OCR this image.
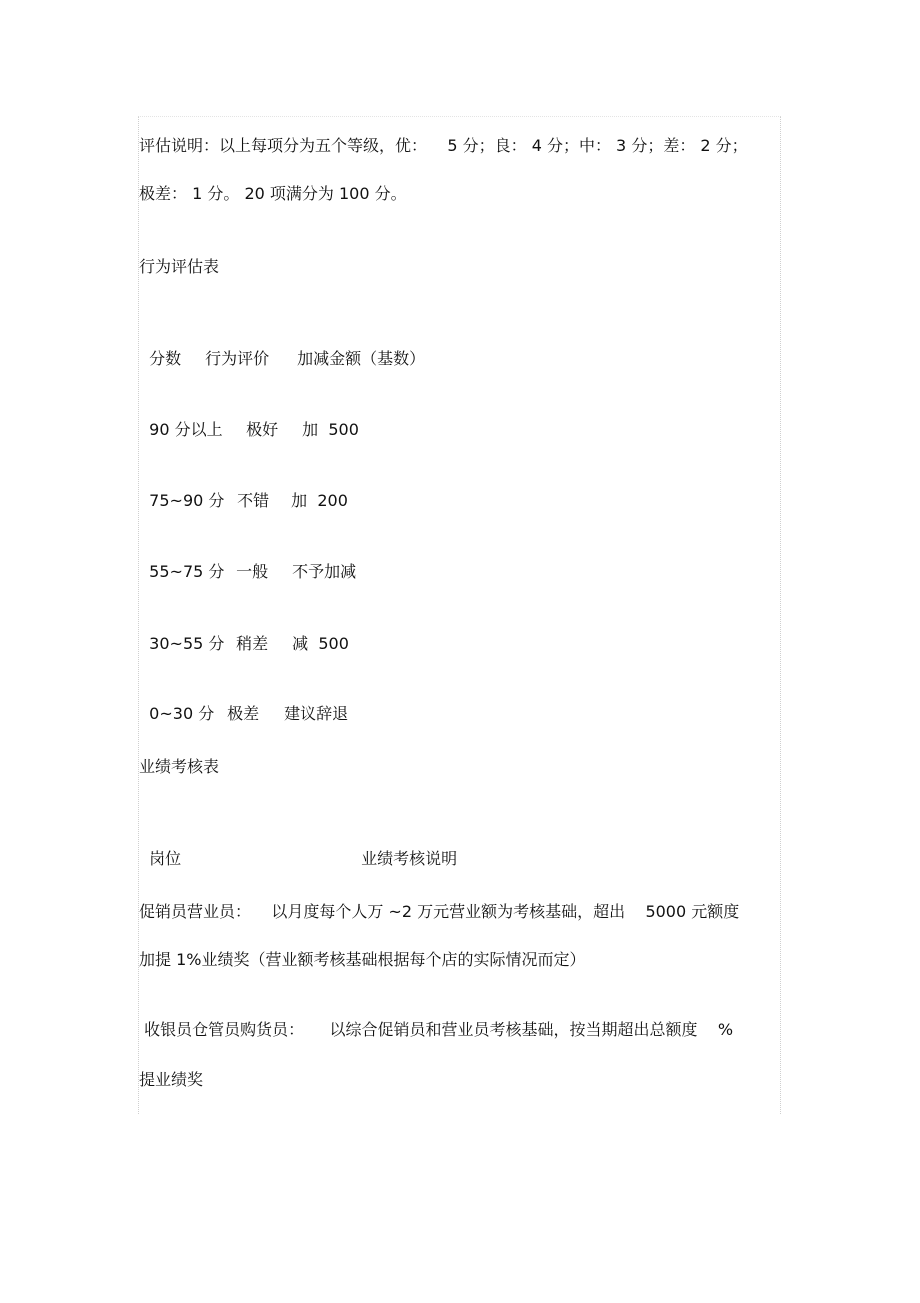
评估说明：以上每项分为五个等级，优：    5 分；良： 4 分；中： 3 分；差： 2 分；

极差： 1 分。 20 项满分为 100 分。

行为评估表

分数 行为评价 加减金额（基数）

90 分以上 极好 加  500

75~90 分 不错 加  200

55~75 分 一般 不予加减

30~55 分 稍差 减  500

0~30 分 极差 建议辞退

业绩考核表

岗位	业绩考核说明

促销员营业员：    以月度每个人万 ~2 万元营业额为考核基础，超出    5000 元额度

加提 1%业绩奖（营业额考核基础根据每个店的实际情况而定）

收银员仓管员购货员：     以综合促销员和营业员考核基础，按当期超出总额度    %

提业绩奖
